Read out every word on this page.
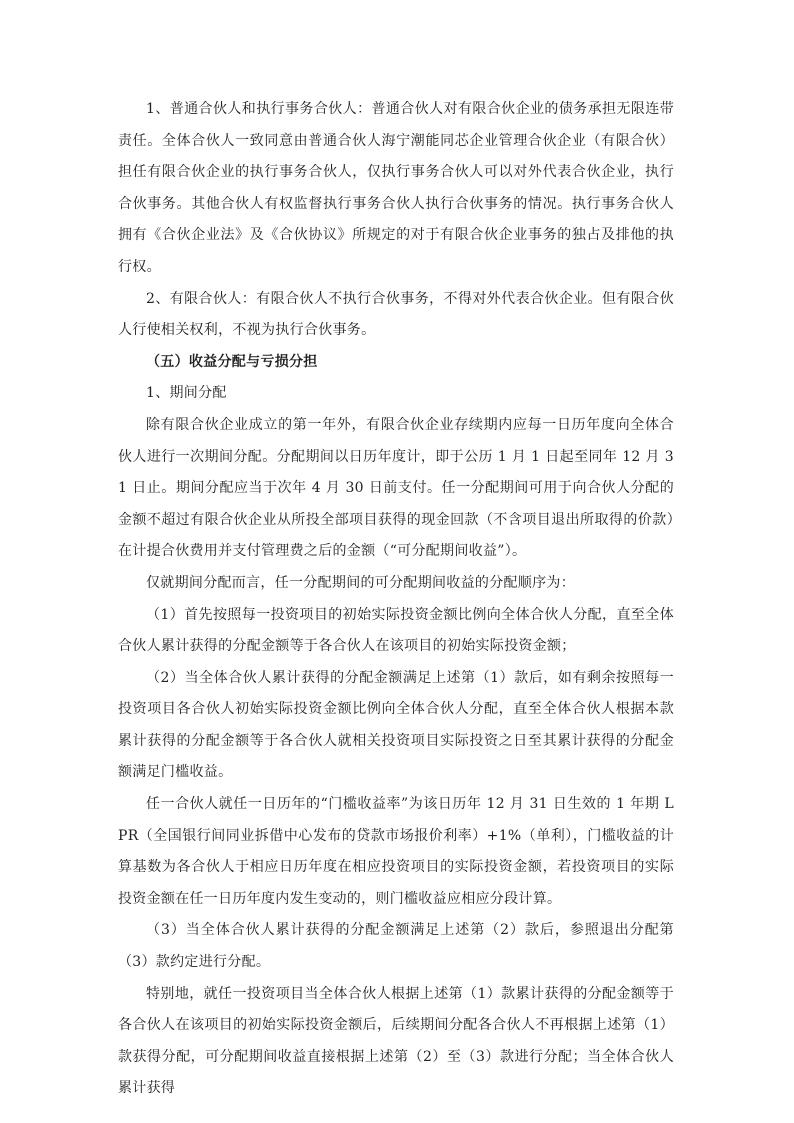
1、普通合伙人和执行事务合伙人：普通合伙人对有限合伙企业的债务承担无限连带责任。全体合伙人一致同意由普通合伙人海宁潮能同芯企业管理合伙企业（有限合伙）担任有限合伙企业的执行事务合伙人，仅执行事务合伙人可以对外代表合伙企业，执行合伙事务。其他合伙人有权监督执行事务合伙人执行合伙事务的情况。执行事务合伙人拥有《合伙企业法》及《合伙协议》所规定的对于有限合伙企业事务的独占及排他的执行权。

2、有限合伙人：有限合伙人不执行合伙事务，不得对外代表合伙企业。但有限合伙人行使相关权利，不视为执行合伙事务。

（五）收益分配与亏损分担

1、期间分配

除有限合伙企业成立的第一年外，有限合伙企业存续期内应每一日历年度向全体合伙人进行一次期间分配。分配期间以日历年度计，即于公历 1 月 1 日起至同年 12 月 31 日止。期间分配应当于次年 4 月 30 日前支付。任一分配期间可用于向合伙人分配的金额不超过有限合伙企业从所投全部项目获得的现金回款（不含项目退出所取得的价款）在计提合伙费用并支付管理费之后的金额（“可分配期间收益”）。

仅就期间分配而言，任一分配期间的可分配期间收益的分配顺序为：

（1）首先按照每一投资项目的初始实际投资金额比例向全体合伙人分配，直至全体合伙人累计获得的分配金额等于各合伙人在该项目的初始实际投资金额；

（2）当全体合伙人累计获得的分配金额满足上述第（1）款后，如有剩余按照每一投资项目各合伙人初始实际投资金额比例向全体合伙人分配，直至全体合伙人根据本款累计获得的分配金额等于各合伙人就相关投资项目实际投资之日至其累计获得的分配金额满足门槛收益。

任一合伙人就任一日历年的“门槛收益率”为该日历年 12 月 31 日生效的 1 年期 LPR（全国银行间同业拆借中心发布的贷款市场报价利率）+1%（单利），门槛收益的计算基数为各合伙人于相应日历年度在相应投资项目的实际投资金额，若投资项目的实际投资金额在任一日历年度内发生变动的，则门槛收益应相应分段计算。

（3）当全体合伙人累计获得的分配金额满足上述第（2）款后，参照退出分配第（3）款约定进行分配。

特别地，就任一投资项目当全体合伙人根据上述第（1）款累计获得的分配金额等于各合伙人在该项目的初始实际投资金额后，后续期间分配各合伙人不再根据上述第（1）款获得分配，可分配期间收益直接根据上述第（2）至（3）款进行分配；当全体合伙人累计获得
